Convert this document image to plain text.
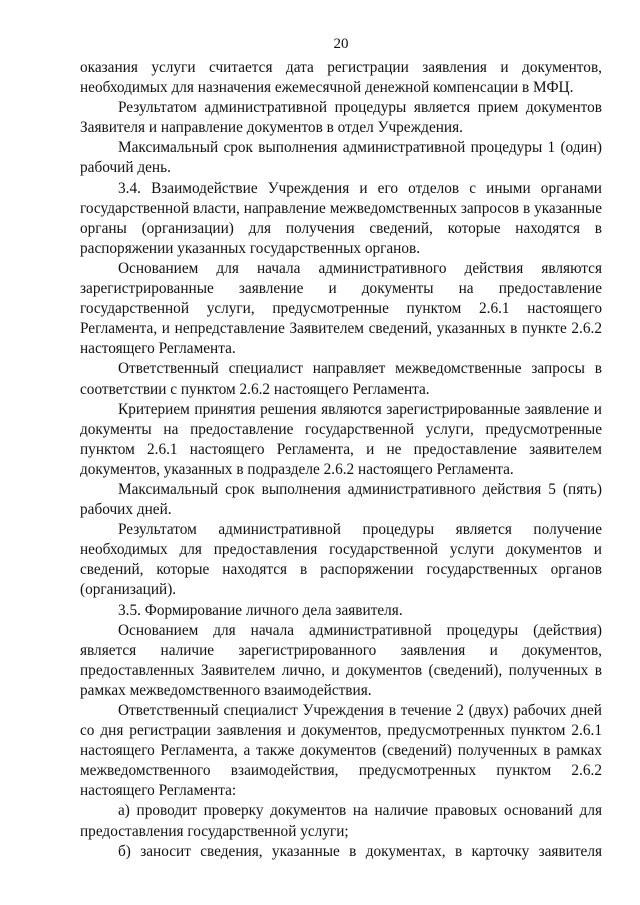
20

оказания услуги считается дата регистрации заявления и документов, необходимых для назначения ежемесячной денежной компенсации в МФЦ.

Результатом административной процедуры является прием документов Заявителя и направление документов в отдел Учреждения.

Максимальный срок выполнения административной процедуры 1 (один) рабочий день.

3.4. Взаимодействие Учреждения и его отделов с иными органами государственной власти, направление межведомственных запросов в указанные органы (организации) для получения сведений, которые находятся в распоряжении указанных государственных органов.

Основанием для начала административного действия являются зарегистрированные заявление и документы на предоставление государственной услуги, предусмотренные пунктом 2.6.1 настоящего Регламента, и непредставление Заявителем сведений, указанных в пункте 2.6.2 настоящего Регламента.

Ответственный специалист направляет межведомственные запросы в соответствии с пунктом 2.6.2 настоящего Регламента.

Критерием принятия решения являются зарегистрированные заявление и документы на предоставление государственной услуги, предусмотренные пунктом 2.6.1 настоящего Регламента, и не предоставление заявителем документов, указанных в подразделе 2.6.2 настоящего Регламента.

Максимальный срок выполнения административного действия 5 (пять) рабочих дней.

Результатом административной процедуры является получение необходимых для предоставления государственной услуги документов и сведений, которые находятся в распоряжении государственных органов (организаций).

3.5. Формирование личного дела заявителя.

Основанием для начала административной процедуры (действия) является наличие зарегистрированного заявления и документов, предоставленных Заявителем лично, и документов (сведений), полученных в рамках межведомственного взаимодействия.

Ответственный специалист Учреждения в течение 2 (двух) рабочих дней со дня регистрации заявления и документов, предусмотренных пунктом 2.6.1 настоящего Регламента, а также документов (сведений) полученных в рамках межведомственного взаимодействия, предусмотренных пунктом 2.6.2 настоящего Регламента:

а) проводит проверку документов на наличие правовых оснований для предоставления государственной услуги;

б) заносит сведения, указанные в документах, в карточку заявителя
